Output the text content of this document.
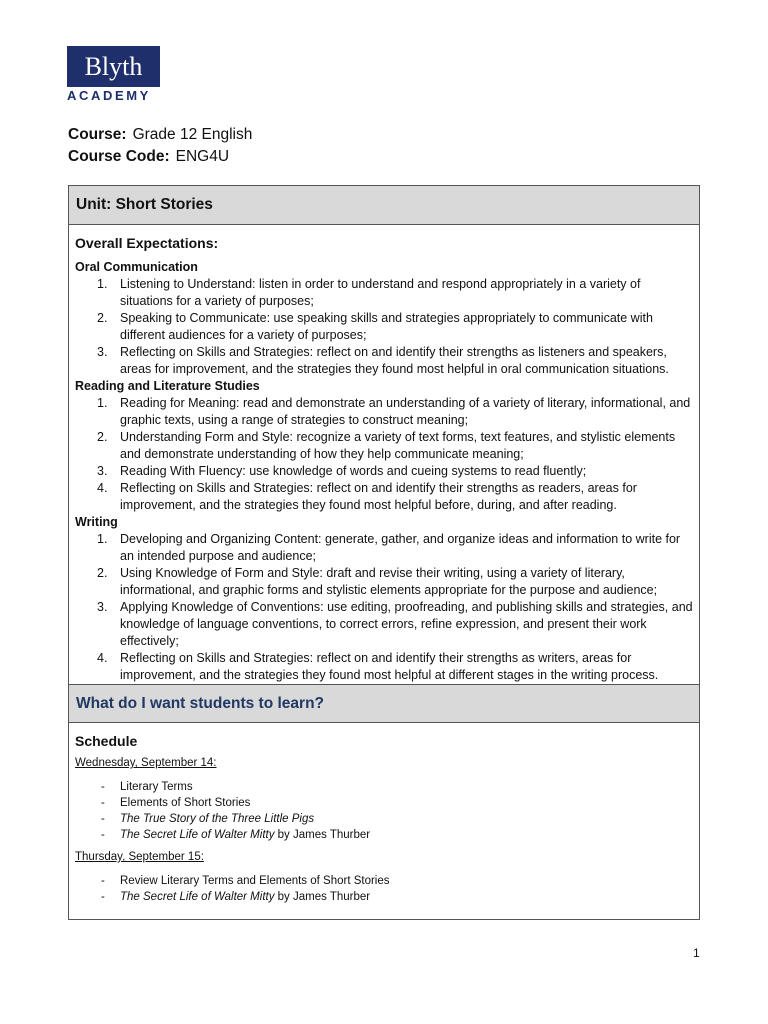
Blyth
ACADEMY
Course: Grade 12 English
Course Code: ENG4U
Unit: Short Stories
Overall Expectations:
Oral Communication
1. Listening to Understand: listen in order to understand and respond appropriately in a variety of situations for a variety of purposes;
2. Speaking to Communicate: use speaking skills and strategies appropriately to communicate with different audiences for a variety of purposes;
3. Reflecting on Skills and Strategies: reflect on and identify their strengths as listeners and speakers, areas for improvement, and the strategies they found most helpful in oral communication situations.
Reading and Literature Studies
1. Reading for Meaning: read and demonstrate an understanding of a variety of literary, informational, and graphic texts, using a range of strategies to construct meaning;
2. Understanding Form and Style: recognize a variety of text forms, text features, and stylistic elements and demonstrate understanding of how they help communicate meaning;
3. Reading With Fluency: use knowledge of words and cueing systems to read fluently;
4. Reflecting on Skills and Strategies: reflect on and identify their strengths as readers, areas for improvement, and the strategies they found most helpful before, during, and after reading.
Writing
1. Developing and Organizing Content: generate, gather, and organize ideas and information to write for an intended purpose and audience;
2. Using Knowledge of Form and Style: draft and revise their writing, using a variety of literary, informational, and graphic forms and stylistic elements appropriate for the purpose and audience;
3. Applying Knowledge of Conventions: use editing, proofreading, and publishing skills and strategies, and knowledge of language conventions, to correct errors, refine expression, and present their work effectively;
4. Reflecting on Skills and Strategies: reflect on and identify their strengths as writers, areas for improvement, and the strategies they found most helpful at different stages in the writing process.
What do I want students to learn?
Schedule
Wednesday, September 14:
- Literary Terms
- Elements of Short Stories
- The True Story of the Three Little Pigs
- The Secret Life of Walter Mitty by James Thurber
Thursday, September 15:
- Review Literary Terms and Elements of Short Stories
- The Secret Life of Walter Mitty by James Thurber
1
